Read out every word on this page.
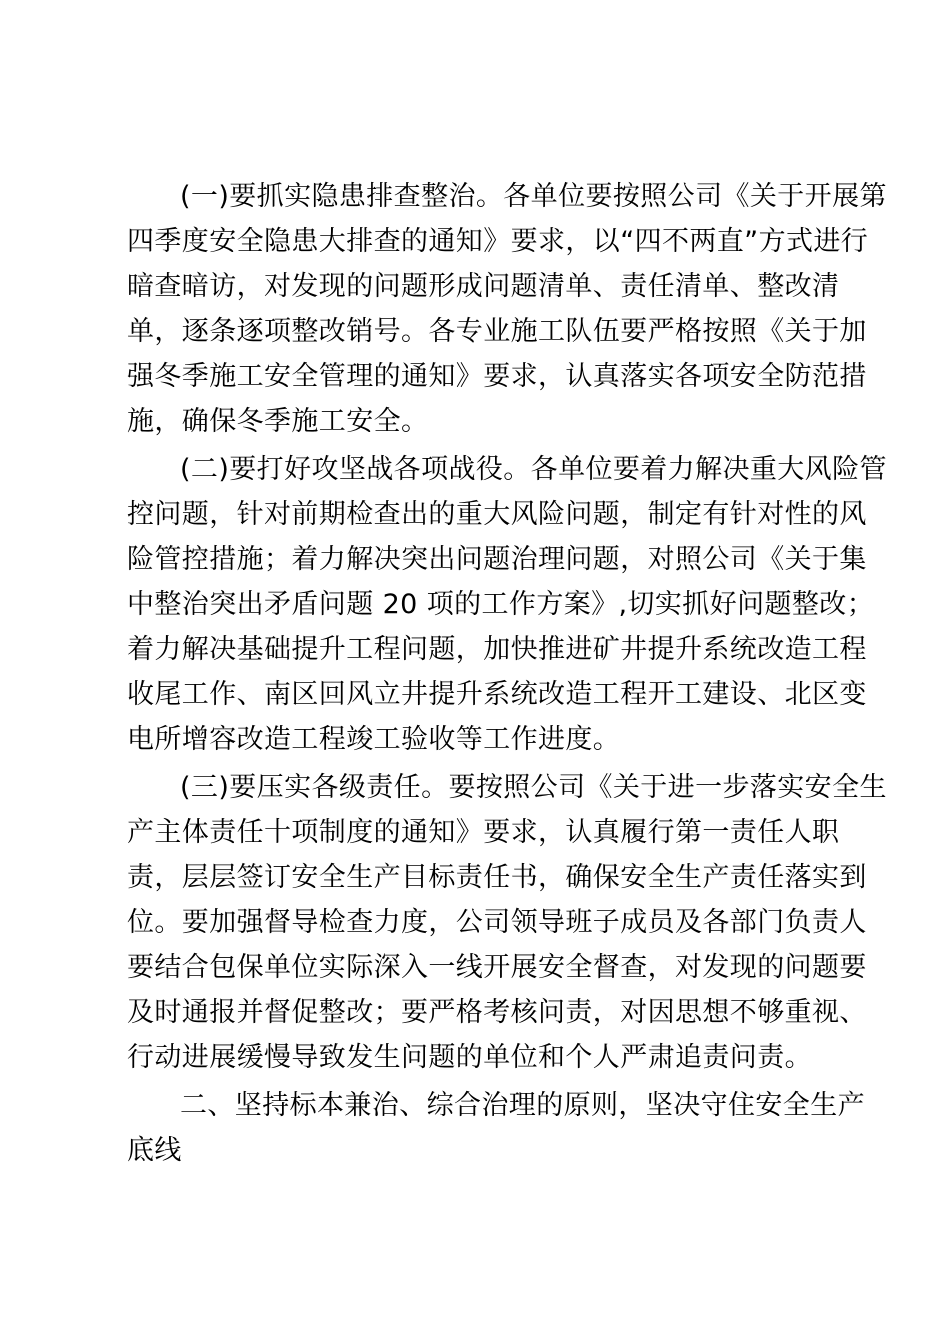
(一)要抓实隐患排查整治。各单位要按照公司《关于开展第
四季度安全隐患大排查的通知》要求，以“四不两直”方式进行
暗查暗访，对发现的问题形成问题清单、责任清单、整改清
单，逐条逐项整改销号。各专业施工队伍要严格按照《关于加
强冬季施工安全管理的通知》要求，认真落实各项安全防范措
施，确保冬季施工安全。

(二)要打好攻坚战各项战役。各单位要着力解决重大风险管
控问题，针对前期检查出的重大风险问题，制定有针对性的风
险管控措施；着力解决突出问题治理问题，对照公司《关于集
中整治突出矛盾问题 20 项的工作方案》,切实抓好问题整改；
着力解决基础提升工程问题，加快推进矿井提升系统改造工程
收尾工作、南区回风立井提升系统改造工程开工建设、北区变
电所增容改造工程竣工验收等工作进度。

(三)要压实各级责任。要按照公司《关于进一步落实安全生
产主体责任十项制度的通知》要求，认真履行第一责任人职
责，层层签订安全生产目标责任书，确保安全生产责任落实到
位。要加强督导检查力度，公司领导班子成员及各部门负责人
要结合包保单位实际深入一线开展安全督查，对发现的问题要
及时通报并督促整改；要严格考核问责，对因思想不够重视、
行动进展缓慢导致发生问题的单位和个人严肃追责问责。

二、坚持标本兼治、综合治理的原则，坚决守住安全生产
底线
